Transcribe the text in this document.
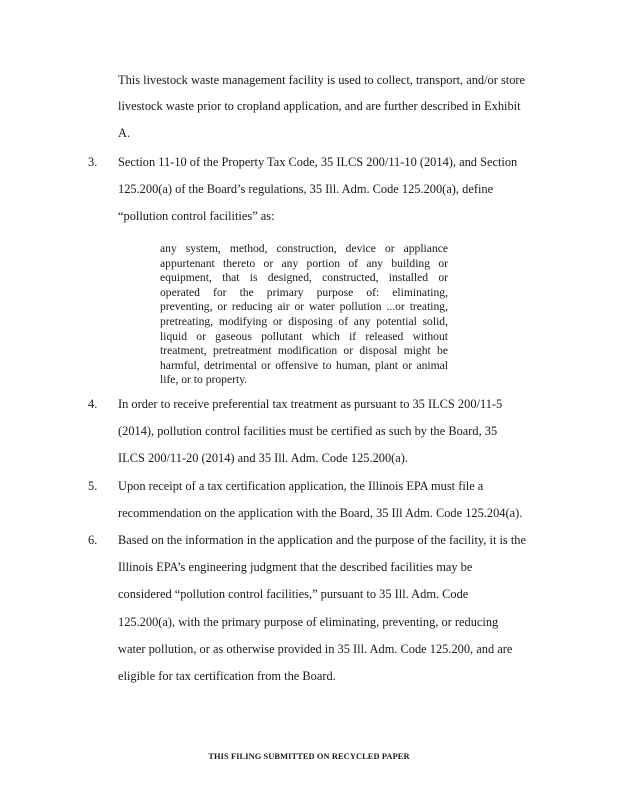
This livestock waste management facility is used to collect, transport, and/or store
livestock waste prior to cropland application, and are further described in Exhibit
A.
3. Section 11-10 of the Property Tax Code, 35 ILCS 200/11-10 (2014), and Section
125.200(a) of the Board’s regulations, 35 Ill. Adm. Code 125.200(a), define
“pollution control facilities” as:
any system, method, construction, device or appliance
appurtenant thereto or any portion of any building or
equipment, that is designed, constructed, installed or
operated for the primary purpose of: eliminating,
preventing, or reducing air or water pollution ...or treating,
pretreating, modifying or disposing of any potential solid,
liquid or gaseous pollutant which if released without
treatment, pretreatment modification or disposal might be
harmful, detrimental or offensive to human, plant or animal
life, or to property.
4. In order to receive preferential tax treatment as pursuant to 35 ILCS 200/11-5
(2014), pollution control facilities must be certified as such by the Board, 35
ILCS 200/11-20 (2014) and 35 Ill. Adm. Code 125.200(a).
5. Upon receipt of a tax certification application, the Illinois EPA must file a
recommendation on the application with the Board, 35 Ill Adm. Code 125.204(a).
6. Based on the information in the application and the purpose of the facility, it is the
Illinois EPA’s engineering judgment that the described facilities may be
considered “pollution control facilities,” pursuant to 35 Ill. Adm. Code
125.200(a), with the primary purpose of eliminating, preventing, or reducing
water pollution, or as otherwise provided in 35 Ill. Adm. Code 125.200, and are
eligible for tax certification from the Board.
THIS FILING SUBMITTED ON RECYCLED PAPER
